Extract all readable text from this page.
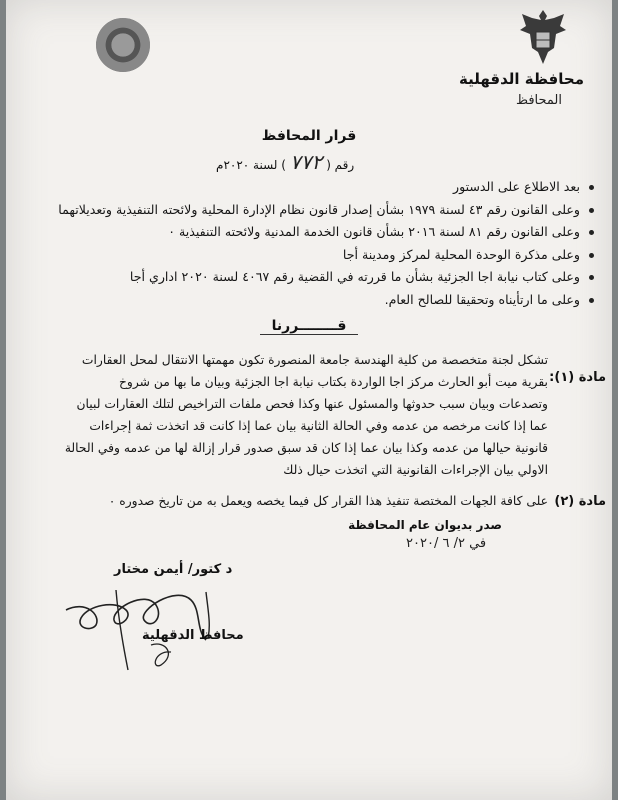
محافظة الدقهلية
المحافظ
قرار المحافظ
رقم (٧٧٢) لسنة ٢٠٢٠م
بعد الاطلاع على الدستور
وعلى القانون رقم ٤٣ لسنة ١٩٧٩ بشأن إصدار قانون نظام الإدارة المحلية ولائحته التنفيذية وتعديلاتهما
وعلى القانون رقم ٨١ لسنة ٢٠١٦ بشأن قانون الخدمة المدنية ولائحته التنفيذية ٠
وعلى مذكرة الوحدة المحلية لمركز ومدينة أجا
وعلى كتاب نيابة اجا الجزئية بشأن ما قررته في القضية رقم ٤٠٦٧ لسنة ٢٠٢٠ اداري أجا
وعلى ما ارتأيناه وتحقيقا للصالح العام.
قــــــــررنا
مادة (١):
تشكل لجنة متخصصة من كلية الهندسة جامعة المنصورة تكون مهمتها الانتقال لمحل العقارات
بقرية ميت أبو الحارث مركز اجا الواردة بكتاب نيابة اجا الجزئية وبيان ما بها من شروخ
وتصدعات وبيان سبب حدوثها والمسئول عنها وكذا فحص ملفات التراخيص لتلك العقارات لبيان
عما إذا كانت مرخصه من عدمه وفي الحالة الثانية بيان عما إذا كانت قد اتخذت ثمة إجراءات
قانونية حيالها من عدمه وكذا بيان عما إذا كان قد سبق صدور قرار إزالة لها من عدمه وفي الحالة
الاولي بيان الإجراءات القانونية التي اتخذت حيال ذلك
مادة (٢)
على كافة الجهات المختصة تنفيذ هذا القرار كل فيما يخصه ويعمل به من تاريخ صدوره ٠
صدر بديوان عام المحافظة
في ٢/ ٦ /٢٠٢٠
د كتور/ أيمن مختار
محافظ الدقهلية
